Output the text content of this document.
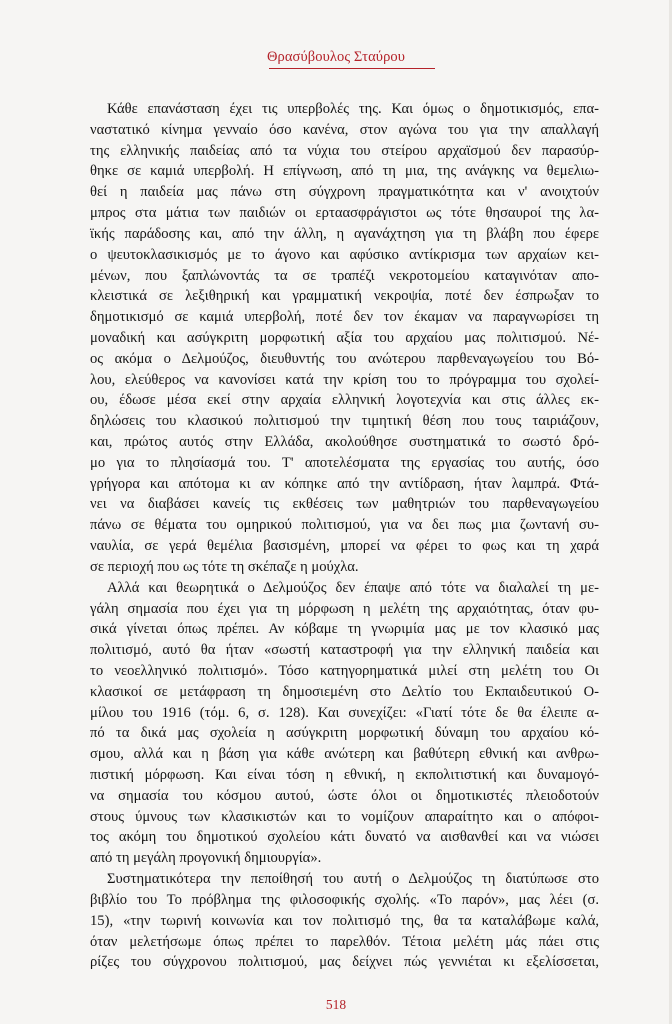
Θρασύβουλος Σταύρου
Κάθε επανάσταση έχει τις υπερβολές της. Και όμως ο δημοτικισμός, επα-
ναστατικό κίνημα γενναίο όσο κανένα, στον αγώνα του για την απαλλαγή
της ελληνικής παιδείας από τα νύχια του στείρου αρχαϊσμού δεν παρασύρ-
θηκε σε καμιά υπερβολή. Η επίγνωση, από τη μια, της ανάγκης να θεμελιω-
θεί η παιδεία μας πάνω στη σύγχρονη πραγματικότητα και ν' ανοιχτούν
μπρος στα μάτια των παιδιών οι ερταασφράγιστοι ως τότε θησαυροί της λα-
ϊκής παράδοσης και, από την άλλη, η αγανάχτηση για τη βλάβη που έφερε
ο ψευτοκλασικισμός με το άγονο και αφύσικο αντίκρισμα των αρχαίων κει-
μένων, που ξαπλώνοντάς τα σε τραπέζι νεκροτομείου καταγινόταν απο-
κλειστικά σε λεξιθηρική και γραμματική νεκροψία, ποτέ δεν έσπρωξαν το
δημοτικισμό σε καμιά υπερβολή, ποτέ δεν τον έκαμαν να παραγνωρίσει τη
μοναδική και ασύγκριτη μορφωτική αξία του αρχαίου μας πολιτισμού. Νέ-
ος ακόμα ο Δελμούζος, διευθυντής του ανώτερου παρθεναγωγείου του Βό-
λου, ελεύθερος να κανονίσει κατά την κρίση του το πρόγραμμα του σχολεί-
ου, έδωσε μέσα εκεί στην αρχαία ελληνική λογοτεχνία και στις άλλες εκ-
δηλώσεις του κλασικού πολιτισμού την τιμητική θέση που τους ταιριάζουν,
και, πρώτος αυτός στην Ελλάδα, ακολούθησε συστηματικά το σωστό δρό-
μο για το πλησίασμά του. Τ' αποτελέσματα της εργασίας του αυτής, όσο
γρήγορα και απότομα κι αν κόπηκε από την αντίδραση, ήταν λαμπρά. Φτά-
νει να διαβάσει κανείς τις εκθέσεις των μαθητριών του παρθεναγωγείου
πάνω σε θέματα του ομηρικού πολιτισμού, για να δει πως μια ζωντανή συ-
ναυλία, σε γερά θεμέλια βασισμένη, μπορεί να φέρει το φως και τη χαρά
σε περιοχή που ως τότε τη σκέπαζε η μούχλα.
Αλλά και θεωρητικά ο Δελμούζος δεν έπαψε από τότε να διαλαλεί τη με-
γάλη σημασία που έχει για τη μόρφωση η μελέτη της αρχαιότητας, όταν φυ-
σικά γίνεται όπως πρέπει. Αν κόβαμε τη γνωριμία μας με τον κλασικό μας
πολιτισμό, αυτό θα ήταν «σωστή καταστροφή για την ελληνική παιδεία και
το νεοελληνικό πολιτισμό». Τόσο κατηγορηματικά μιλεί στη μελέτη του Οι
κλασικοί σε μετάφραση τη δημοσιεμένη στο Δελτίο του Εκπαιδευτικού Ο-
μίλου του 1916 (τόμ. 6, σ. 128). Και συνεχίζει: «Γιατί τότε δε θα έλειπε α-
πό τα δικά μας σχολεία η ασύγκριτη μορφωτική δύναμη του αρχαίου κό-
σμου, αλλά και η βάση για κάθε ανώτερη και βαθύτερη εθνική και ανθρω-
πιστική μόρφωση. Και είναι τόση η εθνική, η εκπολιτιστική και δυναμογό-
να σημασία του κόσμου αυτού, ώστε όλοι οι δημοτικιστές πλειοδοτούν
στους ύμνους των κλασικιστών και το νομίζουν απαραίτητο και ο απόφοι-
τος ακόμη του δημοτικού σχολείου κάτι δυνατό να αισθανθεί και να νιώσει
από τη μεγάλη προγονική δημιουργία».
Συστηματικότερα την πεποίθησή του αυτή ο Δελμούζος τη διατύπωσε στο
βιβλίο του Το πρόβλημα της φιλοσοφικής σχολής. «Το παρόν», μας λέει (σ.
15), «την τωρινή κοινωνία και τον πολιτισμό της, θα τα καταλάβωμε καλά,
όταν μελετήσωμε όπως πρέπει το παρελθόν. Τέτοια μελέτη μάς πάει στις
ρίζες του σύγχρονου πολιτισμού, μας δείχνει πώς γεννιέται κι εξελίσσεται,
518
